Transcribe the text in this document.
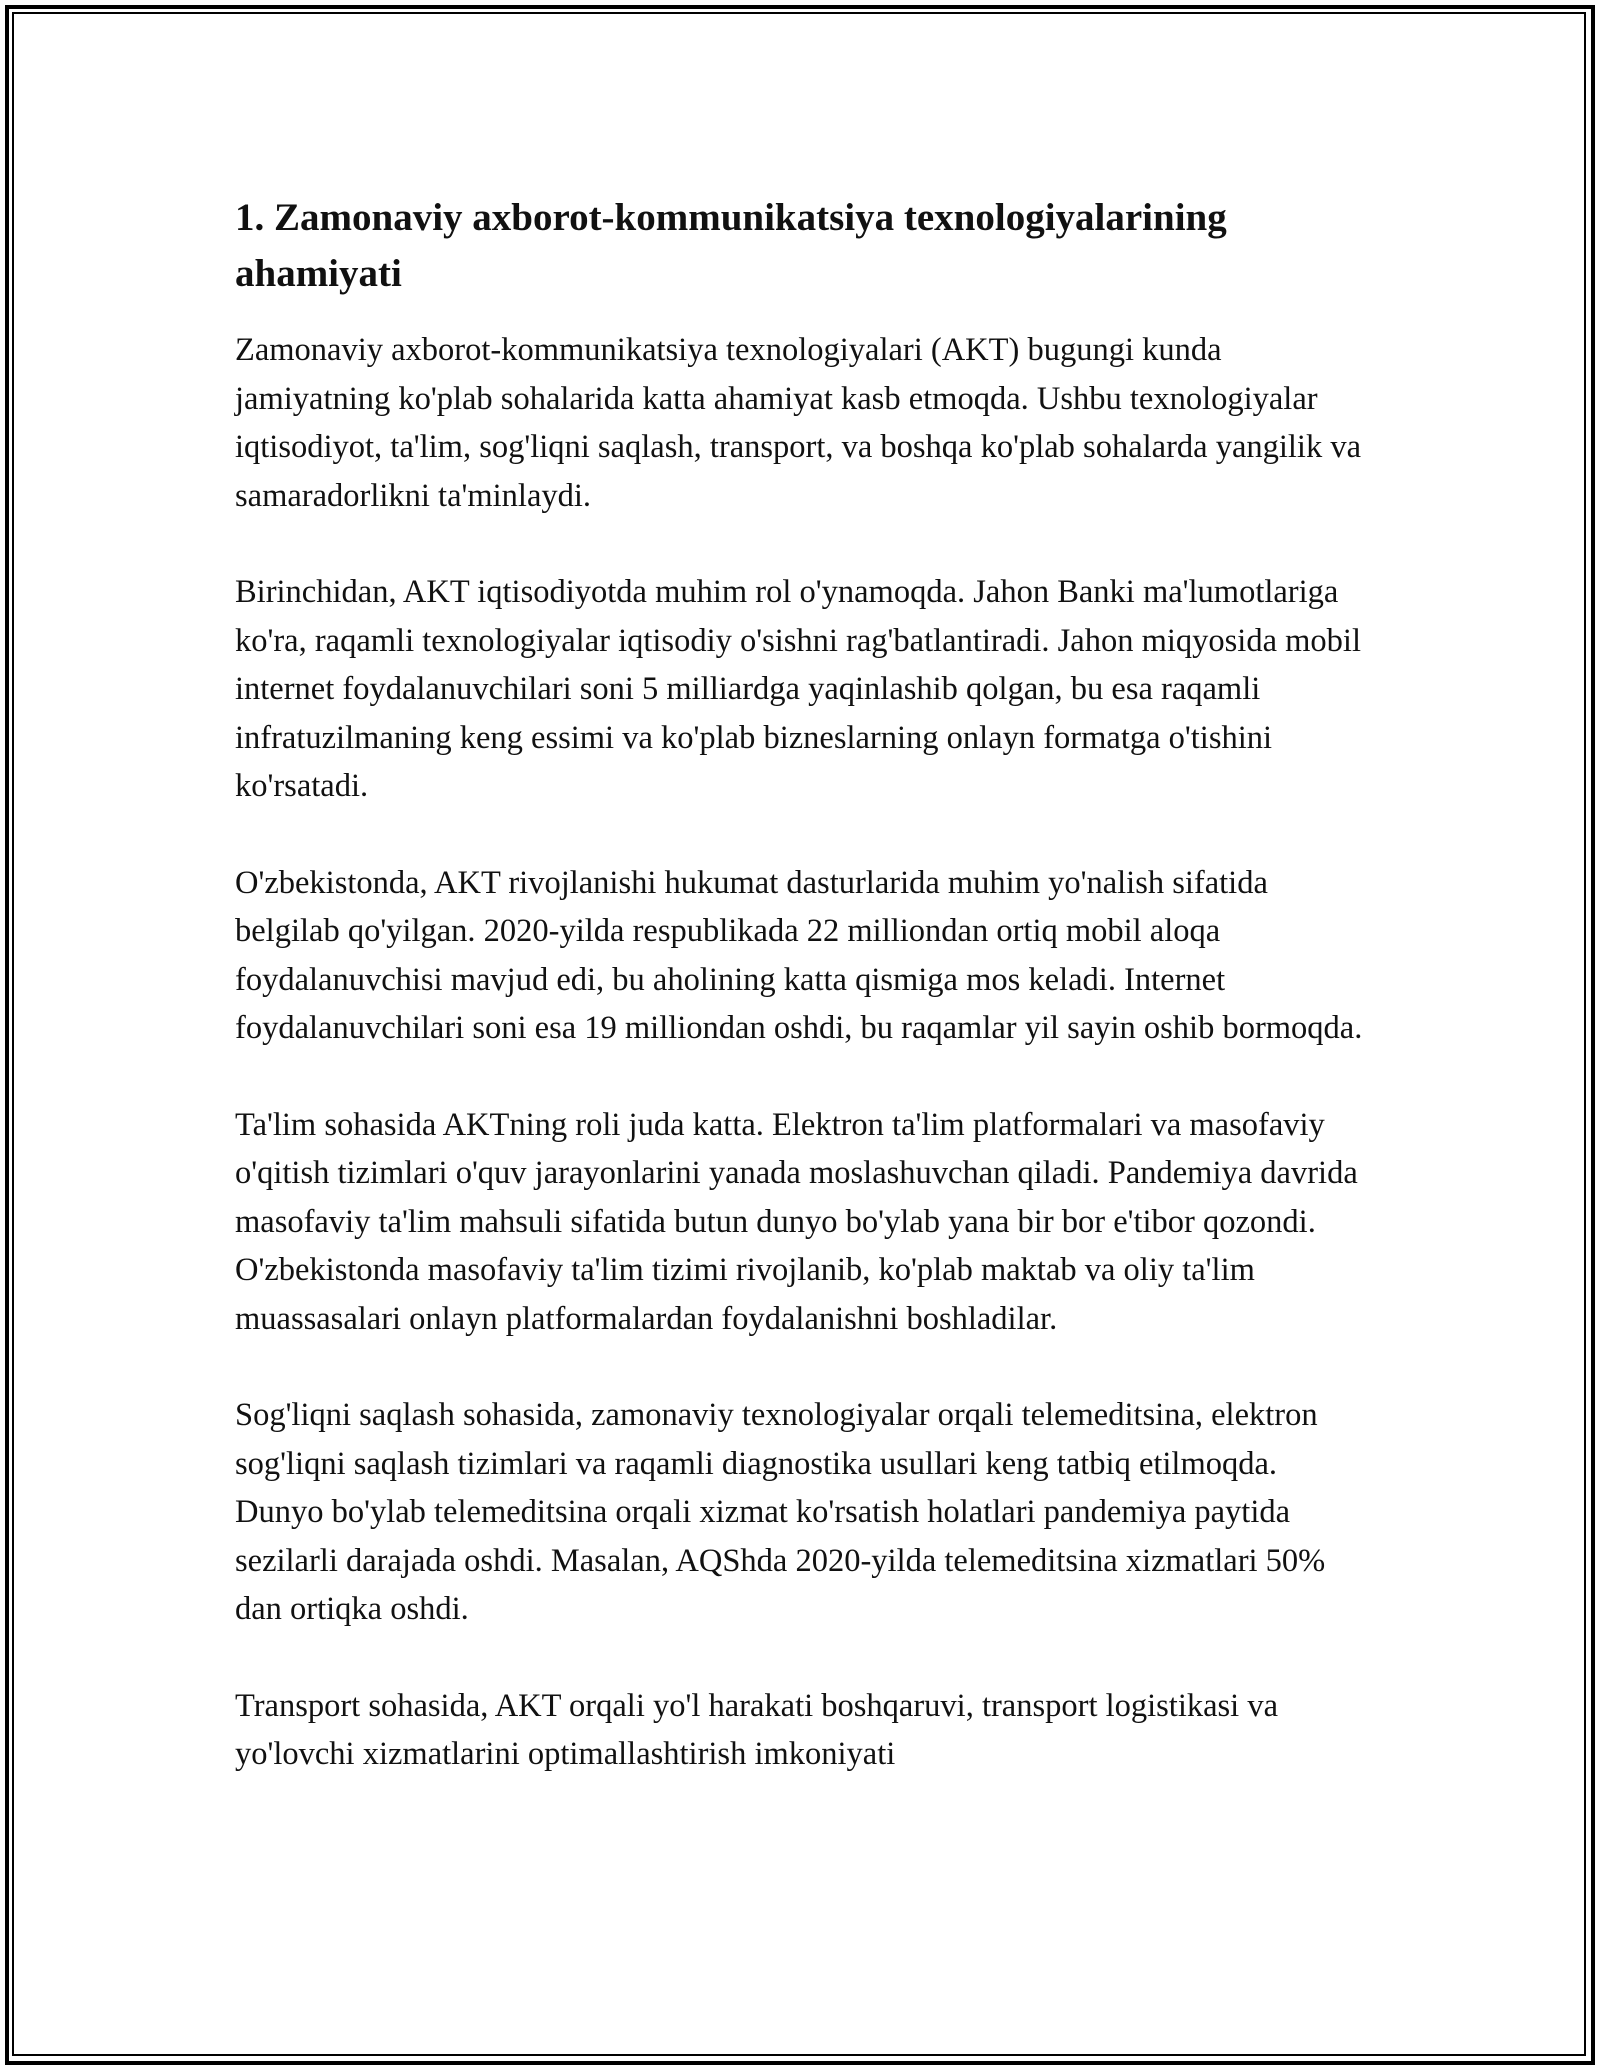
1. Zamonaviy axborot-kommunikatsiya texnologiyalarining ahamiyati

Zamonaviy axborot-kommunikatsiya texnologiyalari (AKT) bugungi kunda jamiyatning ko'plab sohalarida katta ahamiyat kasb etmoqda. Ushbu texnologiyalar iqtisodiyot, ta'lim, sog'liqni saqlash, transport, va boshqa ko'plab sohalarda yangilik va samaradorlikni ta'minlaydi.

Birinchidan, AKT iqtisodiyotda muhim rol o'ynamoqda. Jahon Banki ma'lumotlariga ko'ra, raqamli texnologiyalar iqtisodiy o'sishni rag'batlantiradi. Jahon miqyosida mobil internet foydalanuvchilari soni 5 milliardga yaqinlashib qolgan, bu esa raqamli infratuzilmaning keng essimi va ko'plab bizneslarning onlayn formatga o'tishini ko'rsatadi.

O'zbekistonda, AKT rivojlanishi hukumat dasturlarida muhim yo'nalish sifatida belgilab qo'yilgan. 2020-yilda respublikada 22 milliondan ortiq mobil aloqa foydalanuvchisi mavjud edi, bu aholining katta qismiga mos keladi. Internet foydalanuvchilari soni esa 19 milliondan oshdi, bu raqamlar yil sayin oshib bormoqda.

Ta'lim sohasida AKTning roli juda katta. Elektron ta'lim platformalari va masofaviy o'qitish tizimlari o'quv jarayonlarini yanada moslashuvchan qiladi. Pandemiya davrida masofaviy ta'lim mahsuli sifatida butun dunyo bo'ylab yana bir bor e'tibor qozondi. O'zbekistonda masofaviy ta'lim tizimi rivojlanib, ko'plab maktab va oliy ta'lim muassasalari onlayn platformalardan foydalanishni boshladilar.

Sog'liqni saqlash sohasida, zamonaviy texnologiyalar orqali telemeditsina, elektron sog'liqni saqlash tizimlari va raqamli diagnostika usullari keng tatbiq etilmoqda. Dunyo bo'ylab telemeditsina orqali xizmat ko'rsatish holatlari pandemiya paytida sezilarli darajada oshdi. Masalan, AQShda 2020-yilda telemeditsina xizmatlari 50% dan ortiqka oshdi.

Transport sohasida, AKT orqali yo'l harakati boshqaruvi, transport logistikasi va yo'lovchi xizmatlarini optimallashtirish imkoniyati
